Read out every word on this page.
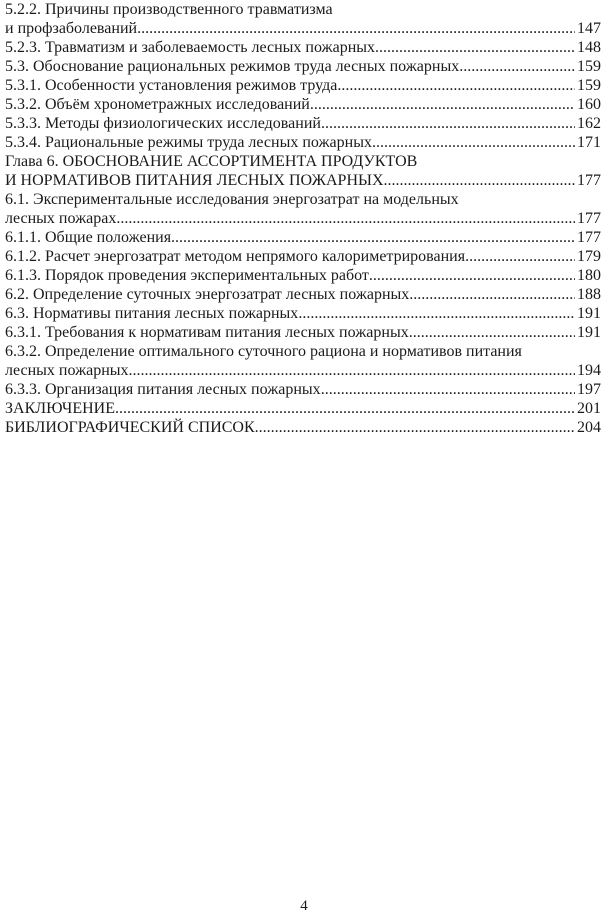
5.2.2. Причины производственного травматизма
и профзаболеваний .....	147
5.2.3. Травматизм и заболеваемость лесных пожарных .....	148
5.3. Обоснование рациональных режимов труда лесных пожарных .....	159
5.3.1. Особенности установления режимов труда .....	159
5.3.2. Объём хронометражных исследований .....	160
5.3.3. Методы физиологических исследований .....	162
5.3.4. Рациональные режимы труда лесных пожарных .....	171
Глава 6. ОБОСНОВАНИЕ АССОРТИМЕНТА ПРОДУКТОВ
И НОРМАТИВОВ ПИТАНИЯ ЛЕСНЫХ ПОЖАРНЫХ .....	177
6.1. Экспериментальные исследования энергозатрат на модельных
лесных пожарах .....	177
6.1.1. Общие положения .....	177
6.1.2. Расчет энергозатрат методом непрямого калориметрирования .....	179
6.1.3. Порядок проведения экспериментальных работ .....	180
6.2. Определение суточных энергозатрат лесных пожарных .....	188
6.3. Нормативы питания лесных пожарных .....	191
6.3.1. Требования к нормативам питания лесных пожарных .....	191
6.3.2. Определение оптимального суточного рациона и нормативов питания
лесных пожарных .....	194
6.3.3. Организация питания лесных пожарных .....	197
ЗАКЛЮЧЕНИЕ .....	201
БИБЛИОГРАФИЧЕСКИЙ СПИСОК .....	204
4
